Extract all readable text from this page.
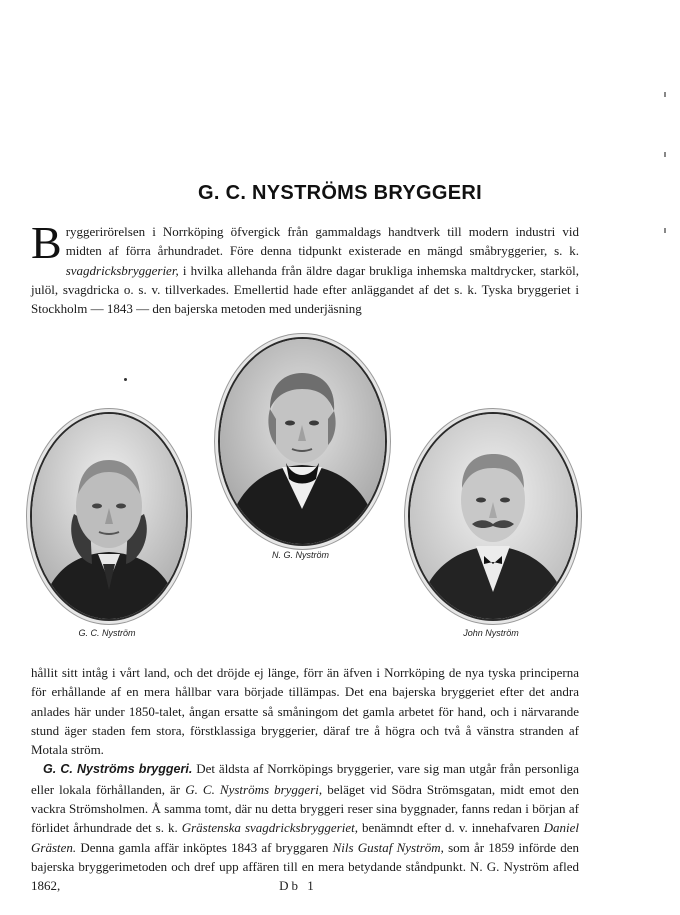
G. C. NYSTRÖMS BRYGGERI

Bryggerirörelsen i Norrköping öfvergick från gammaldags handtverk till modern industri vid midten af förra århundradet. Före denna tidpunkt existerade en mängd småbryggerier, s. k. svagdricksbryggerier, i hvilka allehanda från äldre dagar brukliga inhemska maltdrycker, starköl, julöl, svagdricka o. s. v. tillverkades. Emellertid hade efter anläggandet af det s. k. Tyska bryggeriet i Stockholm — 1843 — den bajerska metoden med underjäsning

G. C. Nyström
N. G. Nyström
John Nyström

hållit sitt intåg i vårt land, och det dröjde ej länge, förr än äfven i Norrköping de nya tyska principerna för erhållande af en mera hållbar vara började tillämpas. Det ena bajerska bryggeriet efter det andra anlades här under 1850-talet, ångan ersatte så småningom det gamla arbetet för hand, och i närvarande stund äger staden fem stora, förstklassiga bryggerier, däraf tre å högra och två å vänstra stranden af Motala ström.

G. C. Nyströms bryggeri. Det äldsta af Norrköpings bryggerier, vare sig man utgår från personliga eller lokala förhållanden, är G. C. Nyströms bryggeri, beläget vid Södra Strömsgatan, midt emot den vackra Strömsholmen. Å samma tomt, där nu detta bryggeri reser sina byggnader, fanns redan i början af förlidet århundrade det s. k. Grästenska svagdricksbryggeriet, benämndt efter d. v. innehafvaren Daniel Grästen. Denna gamla affär inköptes 1843 af bryggaren Nils Gustaf Nyström, som år 1859 införde den bajerska bryggerimetoden och dref upp affären till en mera betydande ståndpunkt. N. G. Nyström afled 1862,	Db 1
